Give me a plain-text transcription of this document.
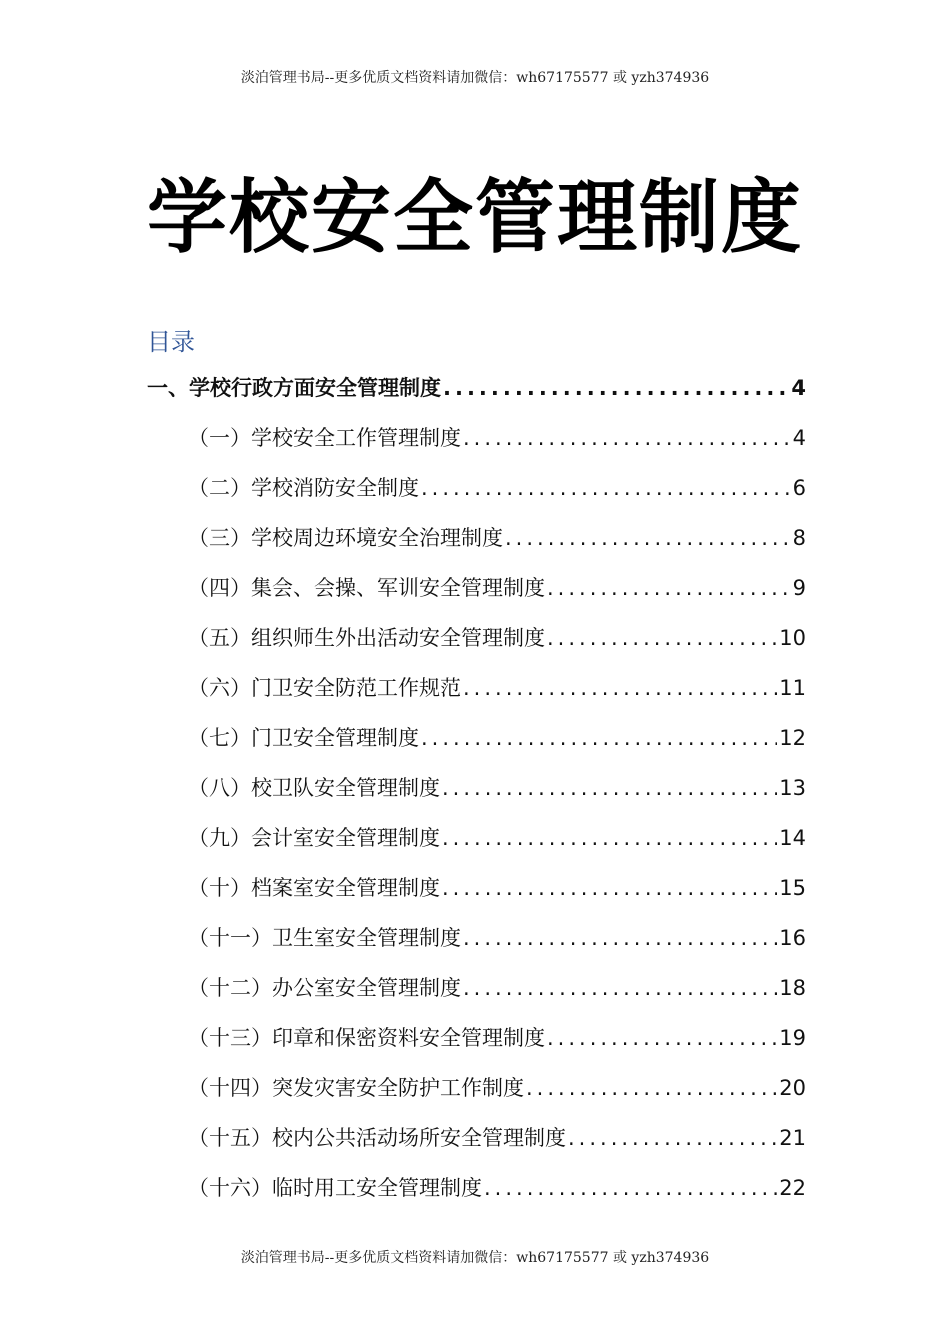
淡泊管理书局--更多优质文档资料请加微信：wh67175577 或 yzh374936
学校安全管理制度
目录
一、学校行政方面安全管理制度 .....	4
（一）学校安全工作管理制度 .....	4
（二）学校消防安全制度 .....	6
（三）学校周边环境安全治理制度 .....	8
（四）集会、会操、军训安全管理制度 .....	9
（五）组织师生外出活动安全管理制度 .....	10
（六）门卫安全防范工作规范 .....	11
（七）门卫安全管理制度 .....	12
（八）校卫队安全管理制度 .....	13
（九）会计室安全管理制度 .....	14
（十）档案室安全管理制度 .....	15
（十一）卫生室安全管理制度 .....	16
（十二）办公室安全管理制度 .....	18
（十三）印章和保密资料安全管理制度 .....	19
（十四）突发灾害安全防护工作制度 .....	20
（十五）校内公共活动场所安全管理制度 .....	21
（十六）临时用工安全管理制度 .....	22
淡泊管理书局--更多优质文档资料请加微信：wh67175577 或 yzh374936
